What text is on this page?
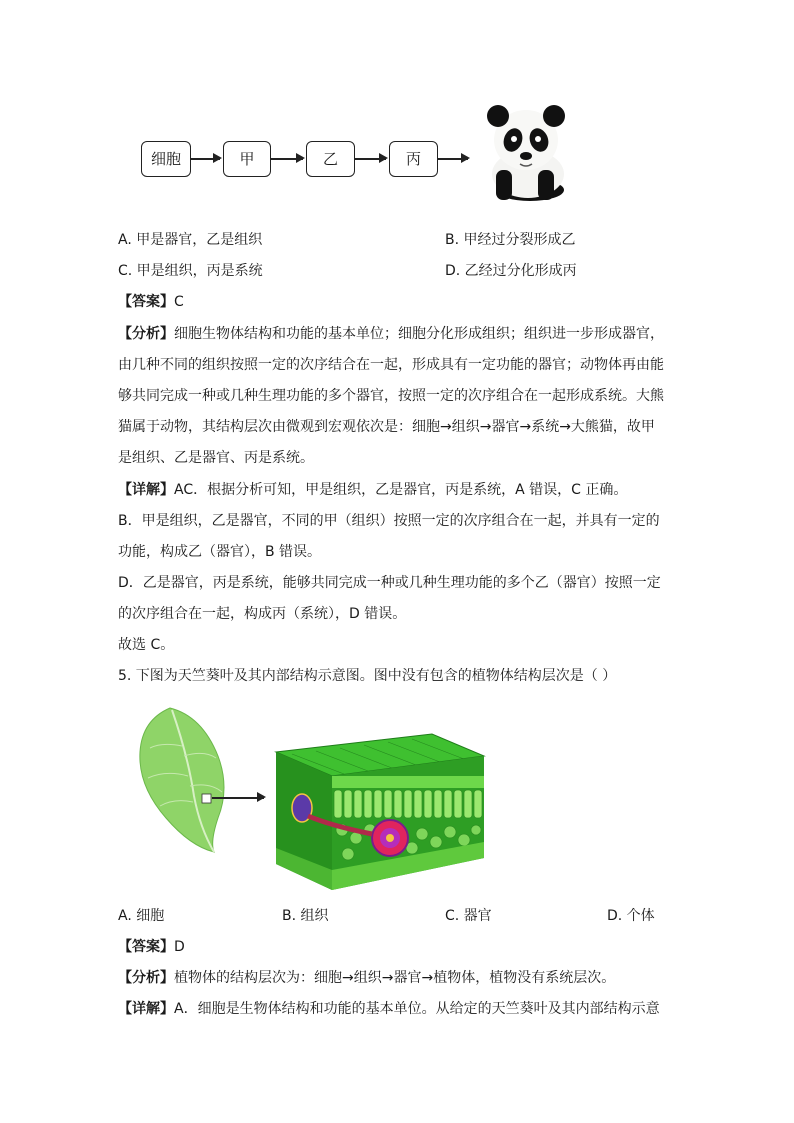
细胞	甲	乙	丙
A. 甲是器官，乙是组织	B. 甲经过分裂形成乙
C. 甲是组织，丙是系统	D. 乙经过分化形成丙
【答案】C
【分析】细胞生物体结构和功能的基本单位；细胞分化形成组织；组织进一步形成器官，
由几种不同的组织按照一定的次序结合在一起，形成具有一定功能的器官；动物体再由能
够共同完成一种或几种生理功能的多个器官，按照一定的次序组合在一起形成系统。大熊
猫属于动物，其结构层次由微观到宏观依次是：细胞→组织→器官→系统→大熊猫，故甲
是组织、乙是器官、丙是系统。
【详解】AC．根据分析可知，甲是组织，乙是器官，丙是系统，A 错误，C 正确。
B．甲是组织，乙是器官，不同的甲（组织）按照一定的次序组合在一起，并具有一定的
功能，构成乙（器官），B 错误。
D．乙是器官，丙是系统，能够共同完成一种或几种生理功能的多个乙（器官）按照一定
的次序组合在一起，构成丙（系统），D 错误。
故选 C。
5. 下图为天竺葵叶及其内部结构示意图。图中没有包含的植物体结构层次是（ ）
A. 细胞	B. 组织	C. 器官	D. 个体
【答案】D
【分析】植物体的结构层次为：细胞→组织→器官→植物体，植物没有系统层次。
【详解】A．细胞是生物体结构和功能的基本单位。从给定的天竺葵叶及其内部结构示意
